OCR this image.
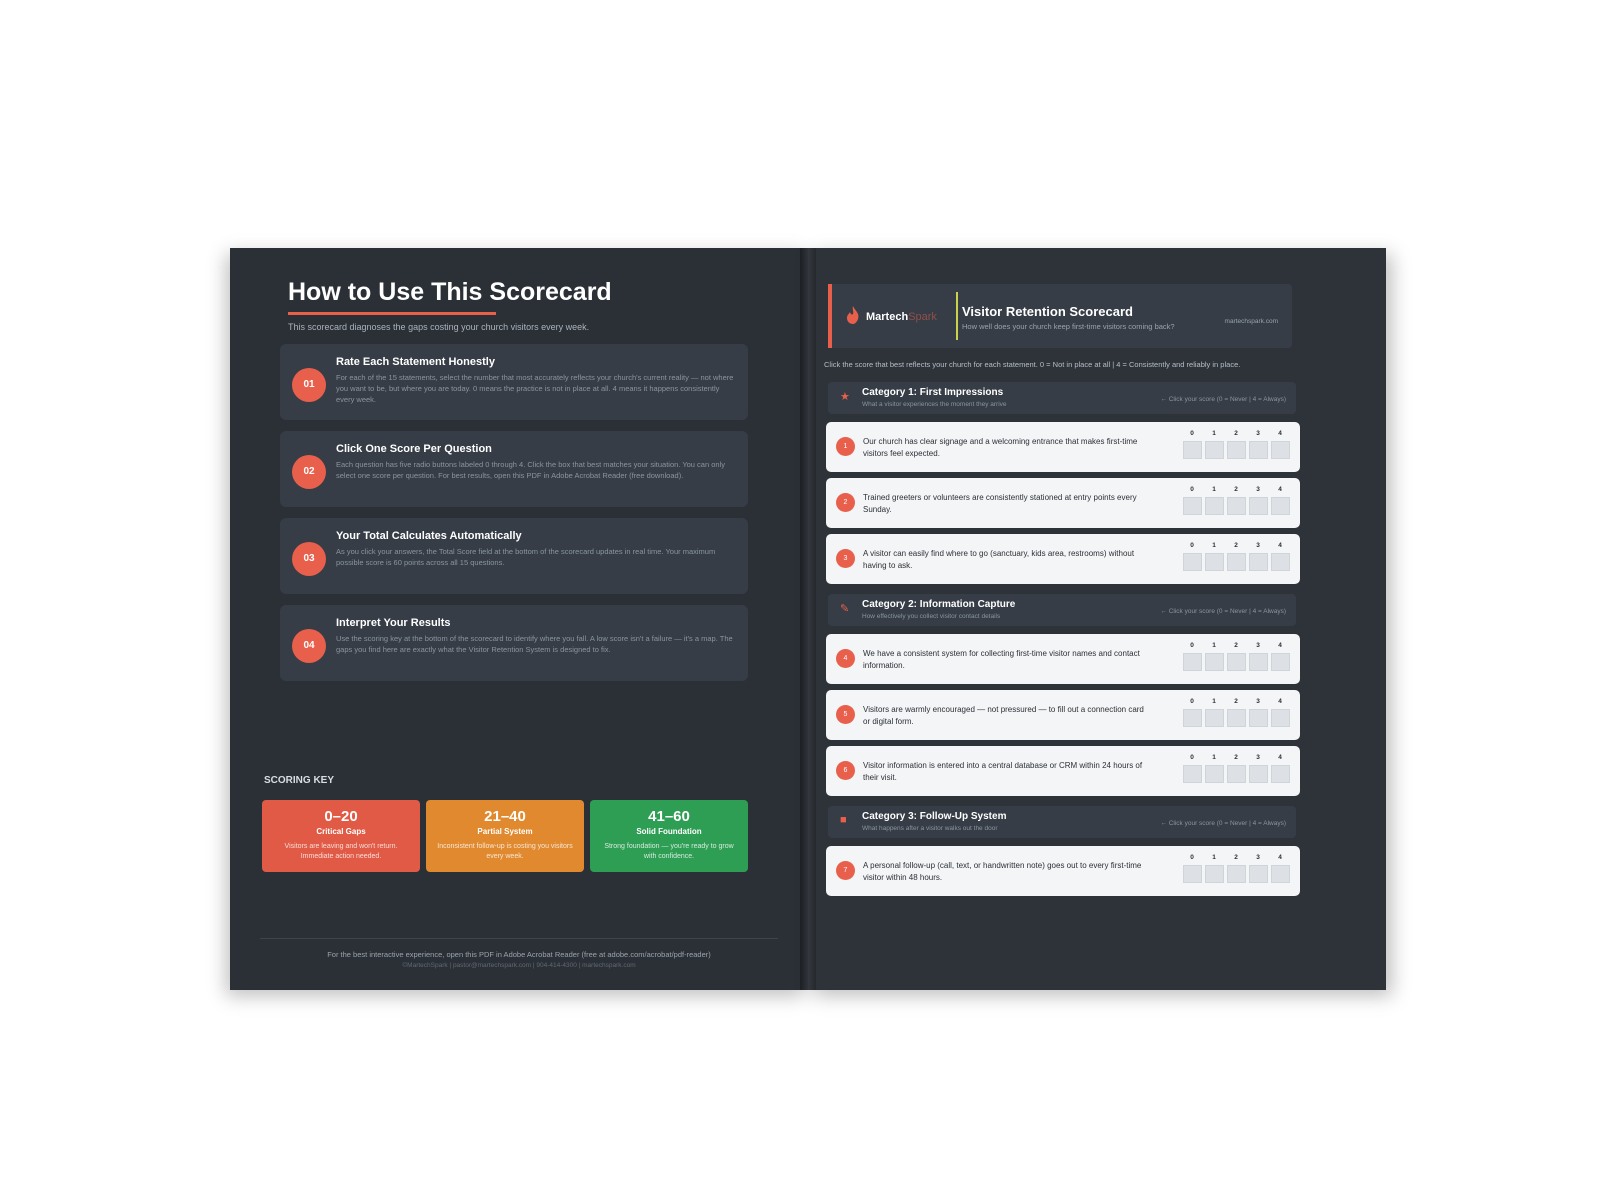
How to Use This Scorecard
This scorecard diagnoses the gaps costing your church visitors every week.
01
Rate Each Statement Honestly
For each of the 15 statements, select the number that most accurately reflects your church's current reality — not where you want to be, but where you are today. 0 means the practice is not in place at all. 4 means it happens consistently every week.
02
Click One Score Per Question
Each question has five radio buttons labeled 0 through 4. Click the box that best matches your situation. You can only select one score per question. For best results, open this PDF in Adobe Acrobat Reader (free download).
03
Your Total Calculates Automatically
As you click your answers, the Total Score field at the bottom of the scorecard updates in real time. Your maximum possible score is 60 points across all 15 questions.
04
Interpret Your Results
Use the scoring key at the bottom of the scorecard to identify where you fall. A low score isn't a failure — it's a map. The gaps you find here are exactly what the Visitor Retention System is designed to fix.
SCORING KEY
0–20
Critical Gaps
Visitors are leaving and won't return. Immediate action needed.
21–40
Partial System
Inconsistent follow-up is costing you visitors every week.
41–60
Solid Foundation
Strong foundation — you're ready to grow with confidence.
For the best interactive experience, open this PDF in Adobe Acrobat Reader (free at adobe.com/acrobat/pdf-reader)
©MartechSpark | pastor@martechspark.com | 904-414-4300 | martechspark.com
MartechSpark Visitor Retention Scorecard
How well does your church keep first-time visitors coming back?
martechspark.com
Click the score that best reflects your church for each statement. 0 = Not in place at all | 4 = Consistently and reliably in place.
★ Category 1: First Impressions
What a visitor experiences the moment they arrive
← Click your score (0 = Never | 4 = Always)
1
Our church has clear signage and a welcoming entrance that makes first-time visitors feel expected.
0	1	2	3	4
2
Trained greeters or volunteers are consistently stationed at entry points every Sunday.
0	1	2	3	4
3
A visitor can easily find where to go (sanctuary, kids area, restrooms) without having to ask.
0	1	2	3	4
✎ Category 2: Information Capture
How effectively you collect visitor contact details
← Click your score (0 = Never | 4 = Always)
4
We have a consistent system for collecting first-time visitor names and contact information.
0	1	2	3	4
5
Visitors are warmly encouraged — not pressured — to fill out a connection card or digital form.
0	1	2	3	4
6
Visitor information is entered into a central database or CRM within 24 hours of their visit.
0	1	2	3	4
■ Category 3: Follow-Up System
What happens after a visitor walks out the door
← Click your score (0 = Never | 4 = Always)
7
A personal follow-up (call, text, or handwritten note) goes out to every first-time visitor within 48 hours.
0	1	2	3	4
